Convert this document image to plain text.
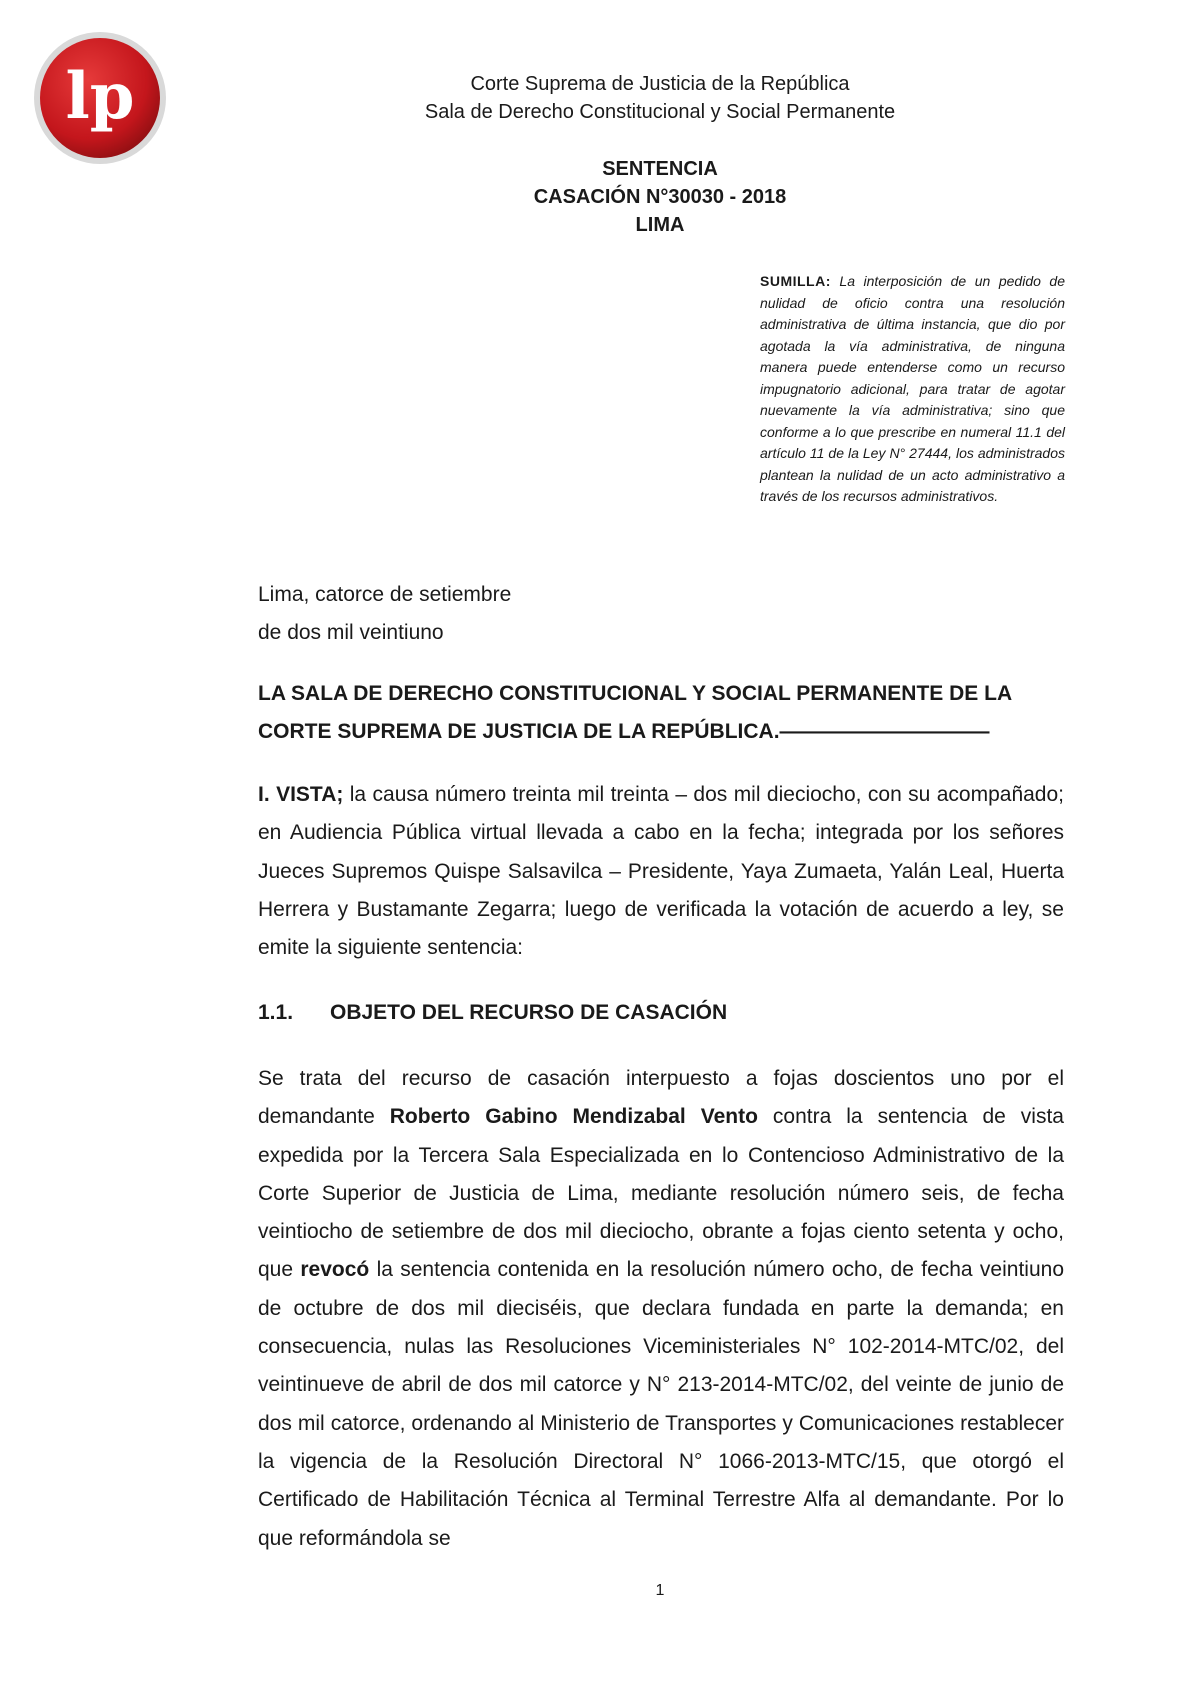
lp	Corte Suprema de Justicia de la República
Sala de Derecho Constitucional y Social Permanente
SENTENCIA
CASACIÓN N°30030 - 2018
LIMA
SUMILLA: La interposición de un pedido de nulidad de oficio contra una resolución administrativa de última instancia, que dio por agotada la vía administrativa, de ninguna manera puede entenderse como un recurso impugnatorio adicional, para tratar de agotar nuevamente la vía administrativa; sino que conforme a lo que prescribe en numeral 11.1 del artículo 11 de la Ley N° 27444, los administrados plantean la nulidad de un acto administrativo a través de los recursos administrativos.
Lima, catorce de setiembre
de dos mil veintiuno
LA SALA DE DERECHO CONSTITUCIONAL Y SOCIAL PERMANENTE DE LA
CORTE SUPREMA DE JUSTICIA DE LA REPÚBLICA.——————————
I. VISTA; la causa número treinta mil treinta – dos mil dieciocho, con su acompañado; en Audiencia Pública virtual llevada a cabo en la fecha; integrada por los señores Jueces Supremos Quispe Salsavilca – Presidente, Yaya Zumaeta, Yalán Leal, Huerta Herrera y Bustamante Zegarra; luego de verificada la votación de acuerdo a ley, se emite la siguiente sentencia:
1.1. OBJETO DEL RECURSO DE CASACIÓN
Se trata del recurso de casación interpuesto a fojas doscientos uno por el demandante Roberto Gabino Mendizabal Vento contra la sentencia de vista expedida por la Tercera Sala Especializada en lo Contencioso Administrativo de la Corte Superior de Justicia de Lima, mediante resolución número seis, de fecha veintiocho de setiembre de dos mil dieciocho, obrante a fojas ciento setenta y ocho, que revocó la sentencia contenida en la resolución número ocho, de fecha veintiuno de octubre de dos mil dieciséis, que declara fundada en parte la demanda; en consecuencia, nulas las Resoluciones Viceministeriales N° 102-2014-MTC/02, del veintinueve de abril de dos mil catorce y N° 213-2014-MTC/02, del veinte de junio de dos mil catorce, ordenando al Ministerio de Transportes y Comunicaciones restablecer la vigencia de la Resolución Directoral N° 1066-2013-MTC/15, que otorgó el Certificado de Habilitación Técnica al Terminal Terrestre Alfa al demandante. Por lo que reformándola se
1
